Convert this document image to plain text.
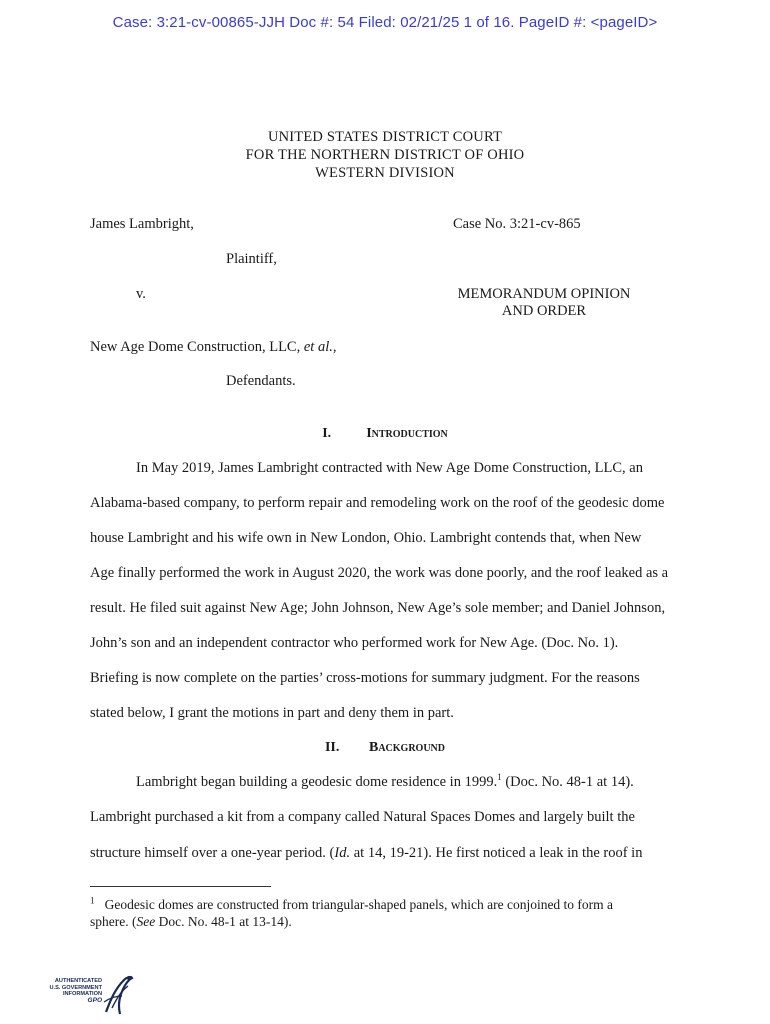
Case: 3:21-cv-00865-JJH Doc #: 54 Filed: 02/21/25 1 of 16. PageID #: <pageID>
UNITED STATES DISTRICT COURT
FOR THE NORTHERN DISTRICT OF OHIO
WESTERN DIVISION
James Lambright,	Case No. 3:21-cv-865
Plaintiff,
v.	MEMORANDUM OPINION
AND ORDER
New Age Dome Construction, LLC, et al.,
Defendants.
I.	Introduction
In May 2019, James Lambright contracted with New Age Dome Construction, LLC, an
Alabama-based company, to perform repair and remodeling work on the roof of the geodesic dome
house Lambright and his wife own in New London, Ohio. Lambright contends that, when New
Age finally performed the work in August 2020, the work was done poorly, and the roof leaked as a
result. He filed suit against New Age; John Johnson, New Age’s sole member; and Daniel Johnson,
John’s son and an independent contractor who performed work for New Age. (Doc. No. 1).
Briefing is now complete on the parties’ cross-motions for summary judgment. For the reasons
stated below, I grant the motions in part and deny them in part.
II. Background
Lambright began building a geodesic dome residence in 1999.$^1$ (Doc. No. 48-1 at 14).
Lambright purchased a kit from a company called Natural Spaces Domes and largely built the
structure himself over a one-year period. (Id. at 14, 19-21). He first noticed a leak in the roof in
$^1$ Geodesic domes are constructed from triangular-shaped panels, which are conjoined to form a
sphere. (See Doc. No. 48-1 at 13-14).
AUTHENTICATED
U.S. GOVERNMENT
INFORMATION
GPO
